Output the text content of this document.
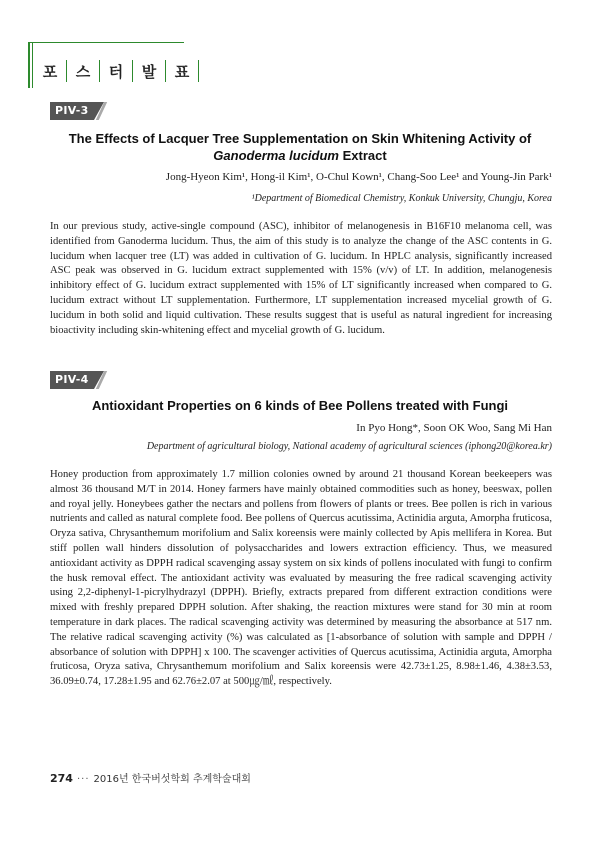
포 스 터 발 표
PIV-3
The Effects of Lacquer Tree Supplementation on Skin Whitening Activity of
Ganoderma lucidum Extract
Jong-Hyeon Kim¹, Hong-il Kim¹, O-Chul Kown¹, Chang-Soo Lee¹ and Young-Jin Park¹
¹Department of Biomedical Chemistry, Konkuk University, Chungju, Korea
In our previous study, active-single compound (ASC), inhibitor of melanogenesis in B16F10 melanoma cell, was identified from Ganoderma lucidum. Thus, the aim of this study is to analyze the change of the ASC contents in G. lucidum when lacquer tree (LT) was added in cultivation of G. lucidum. In HPLC analysis, significantly increased ASC peak was observed in G. lucidum extract supplemented with 15% (v/v) of LT. In addition, melanogenesis inhibitory effect of G. lucidum extract supplemented with 15% of LT significantly increased when compared to G. lucidum extract without LT supplementation. Furthermore, LT supplementation increased mycelial growth of G. lucidum in both solid and liquid cultivation. These results suggest that is useful as natural ingredient for increasing bioactivity including skin-whitening effect and mycelial growth of G. lucidum.
PIV-4
Antioxidant Properties on 6 kinds of Bee Pollens treated with Fungi
In Pyo Hong*, Soon OK Woo, Sang Mi Han
Department of agricultural biology, National academy of agricultural sciences (iphong20@korea.kr)
Honey production from approximately 1.7 million colonies owned by around 21 thousand Korean beekeepers was almost 36 thousand M/T in 2014. Honey farmers have mainly obtained commodities such as honey, beeswax, pollen and royal jelly. Honeybees gather the nectars and pollens from flowers of plants or trees. Bee pollen is rich in various nutrients and called as natural complete food. Bee pollens of Quercus acutissima, Actinidia arguta, Amorpha fruticosa, Oryza sativa, Chrysanthemum morifolium and Salix koreensis were mainly collected by Apis mellifera in Korea. But stiff pollen wall hinders dissolution of polysaccharides and lowers extraction efficiency. Thus, we measured antioxidant activity as DPPH radical scavenging assay system on six kinds of pollens inoculated with fungi to confirm the husk removal effect. The antioxidant activity was evaluated by measuring the free radical scavenging activity using 2,2-diphenyl-1-picrylhydrazyl (DPPH). Briefly, extracts prepared from different extraction conditions were mixed with freshly prepared DPPH solution. After shaking, the reaction mixtures were stand for 30 min at room temperature in dark places. The radical scavenging activity was determined by measuring the absorbance at 517 nm. The relative radical scavenging activity (%) was calculated as [1-absorbance of solution with sample and DPPH / absorbance of solution with DPPH] x 100. The scavenger activities of Quercus acutissima, Actinidia arguta, Amorpha fruticosa, Oryza sativa, Chrysanthemum morifolium and Salix koreensis were 42.73±1.25, 8.98±1.46, 4.38±3.53, 36.09±0.74, 17.28±1.95 and 62.76±2.07 at 500㎍/㎖, respectively.
274 ··· 2016년 한국버섯학회 추계학술대회
